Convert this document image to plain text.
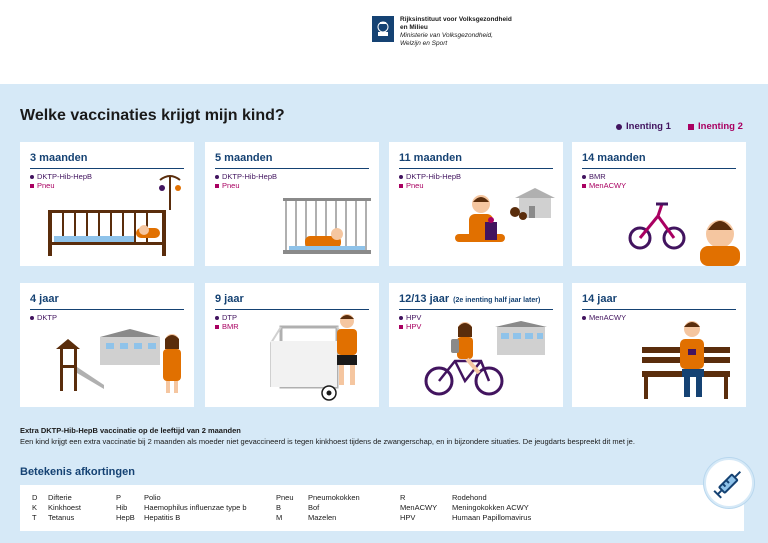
Rijksinstituut voor Volksgezondheid
en Milieu
Ministerie van Volksgezondheid,
Welzijn en Sport
Welke vaccinaties krijgt mijn kind?
Inenting 1	Inenting 2
3 maanden
DKTP-Hib-HepB
Pneu
5 maanden
DKTP-Hib-HepB
Pneu
11 maanden
DKTP-Hib-HepB
Pneu
14 maanden
BMR
MenACWY
4 jaar
DKTP
9 jaar
DTP
BMR
12/13 jaar (2e inenting half jaar later)
HPV
HPV
14 jaar
MenACWY
Extra DKTP-Hib-HepB vaccinatie op de leeftijd van 2 maanden
Een kind krijgt een extra vaccinatie bij 2 maanden als moeder niet gevaccineerd is tegen kinkhoest tijdens de zwangerschap, en in bijzondere situaties. De jeugdarts bespreekt dit met je.
Betekenis afkortingen
D	Difterie
K	Kinkhoest
T	Tetanus
P	Polio
Hib	Haemophilus influenzae type b
HepB	Hepatitis B
Pneu	Pneumokokken
B	Bof
M	Mazelen
R	Rodehond
MenACWY	Meningokokken ACWY
HPV	Humaan Papillomavirus
